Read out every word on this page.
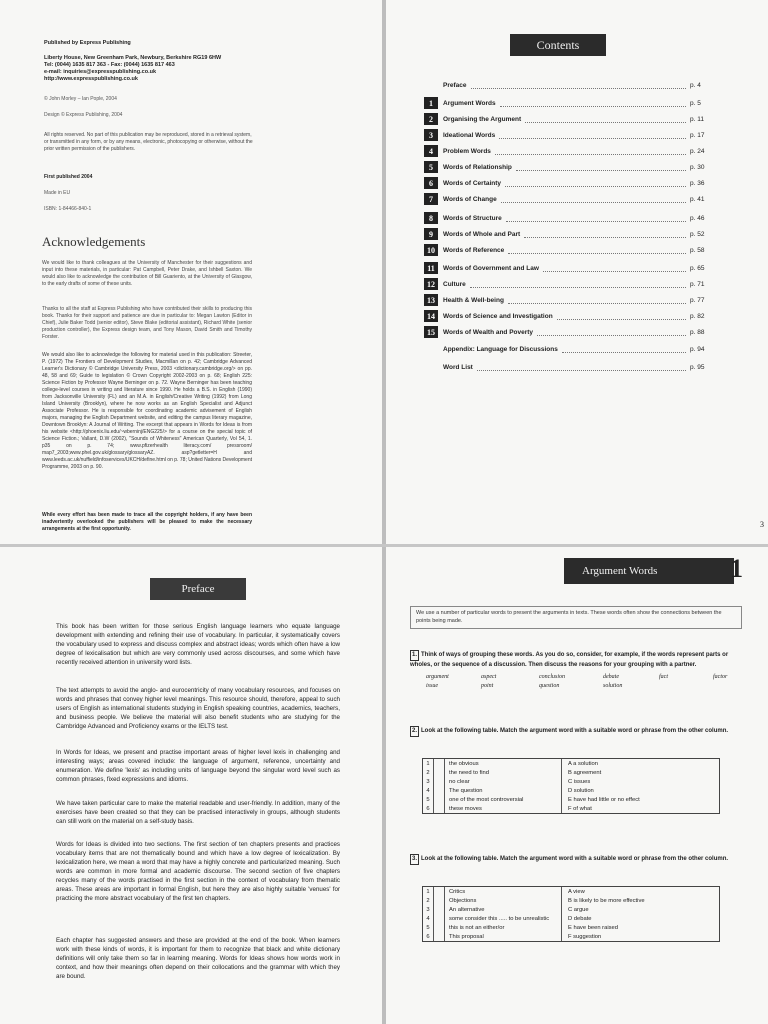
Published by Express Publishing
Liberty House, New Greenham Park, Newbury, Berkshire RG19 6HW
Tel: (0044) 1635 817 363 - Fax: (0044) 1635 817 463
e-mail: inquiries@expresspublishing.co.uk
http://www.expresspublishing.co.uk
© John Morley – Ian Pople, 2004
Design © Express Publishing, 2004
All rights reserved. No part of this publication may be reproduced, stored in a retrieval system, or transmitted in any form, or by any means, electronic, photocopying or otherwise, without the prior written permission of the publishers.
First published 2004
Made in EU
ISBN: 1-84466-840-1
Acknowledgements
We would like to thank colleagues at the University of Manchester for their suggestions and input into these materials, in particular: Pat Campbell, Peter Drake, and Ishbell Saxton. We would also like to acknowledge the contribution of Bill Guariento, at the University of Glasgow, to the early drafts of some of these units.
Thanks to all the staff at Express Publishing who have contributed their skills to producing this book. Thanks for their support and patience are due in particular to: Megan Lawton (Editor in Chief), Julie Baker Todd (senior editor), Steve Blake (editorial assistant), Richard White (senior production controller), the Express design team, and Tony Mason, David Smith and Timothy Forster.
We would also like to acknowledge the following for material used in this publication: Streeter, P. (1972) The Frontiers of Development Studies, Macmillan on p. 42; Cambridge Advanced Learner's Dictionary © Cambridge University Press, 2003 <dictionary.cambridge.org/> on pp. 48, 58 and 69; Guide to legislation © Crown Copyright 2002-2003 on p. 68; English 225: Science Fiction by Professor Wayne Berninger on p. 72. Wayne Berninger has been teaching college-level courses in writing and literature since 1990. He holds a B.S. in English (1990) from Jacksonville University (FL) and an M.A. in English/Creative Writing (1992) from Long Island University (Brooklyn), where he now works as an English Specialist and Adjunct Associate Professor. He is responsible for coordinating academic advisement of English majors, managing the English Department website, and editing the campus literary magazine, Downtown Brooklyn: A Journal of Writing. The excerpt that appears in Words for Ideas is from his website <http://phoenix.liu.edu/~wberninj/ENG225/> for a course on the special topic of Science Fiction.; Vallant, D.W (2002), "Sounds of Whiteness" American Quarterly, Vol 54, 1. p35 on p. 74; www.pfizerhealth literacy.com/ pressroom/ map7_2003;www.phel.gov.uk/glossary/glossaryAZ. asp?getletter=H and www.leeds.ac.uk/nuffield/infoservices/UKCH/define.html on p. 78; United Nations Development Programme, 2003 on p. 90.
While every effort has been made to trace all the copyright holders, if any have been inadvertently overlooked the publishers will be pleased to make the necessary arrangements at the first opportunity.
Contents
Preface	p. 4
1	Argument Words	p. 5
2	Organising the Argument	p. 11
3	Ideational Words	p. 17
4	Problem Words	p. 24
5	Words of Relationship	p. 30
6	Words of Certainty	p. 36
7	Words of Change	p. 41
8	Words of Structure	p. 46
9	Words of Whole and Part	p. 52
10	Words of Reference	p. 58
11	Words of Government and Law	p. 65
12	Culture	p. 71
13	Health & Well-being	p. 77
14	Words of Science and Investigation	p. 82
15	Words of Wealth and Poverty	p. 88
Appendix: Language for Discussions	p. 94
Word List	p. 95
3
Preface
This book has been written for those serious English language learners who equate language development with extending and refining their use of vocabulary. In particular, it systematically covers the vocabulary used to express and discuss complex and abstract ideas; words which often have a low degree of lexicalisation but which are very commonly used across discourses, and some which have recently received attention in university word lists.
The text attempts to avoid the anglo- and eurocentricity of many vocabulary resources, and focuses on words and phrases that convey higher level meanings. This resource should, therefore, appeal to such users of English as international students studying in English speaking countries, academics, teachers, and business people. We believe the material will also benefit students who are studying for the Cambridge Advanced and Proficiency exams or the IELTS test.
In Words for Ideas, we present and practise important areas of higher level lexis in challenging and interesting ways; areas covered include: the language of argument, reference, uncertainty and enumeration. We define 'lexis' as including units of language beyond the singular word level such as common phrases, fixed expressions and idioms.
We have taken particular care to make the material readable and user-friendly. In addition, many of the exercises have been created so that they can be practised interactively in groups, although students can still work on the material on a self-study basis.
Words for Ideas is divided into two sections. The first section of ten chapters presents and practices vocabulary items that are not thematically bound and which have a low degree of lexicalization. By lexicalization here, we mean a word that may have a highly concrete and particularized meaning. Such words are common in more formal and academic discourse. The second section of five chapters recycles many of the words practised in the first section in the context of vocabulary from thematic areas. These areas are important in formal English, but here they are also highly suitable 'venues' for practicing the more abstract vocabulary of the first ten chapters.
Each chapter has suggested answers and these are provided at the end of the book. When learners work with these kinds of words, it is important for them to recognize that black and white dictionary definitions will only take them so far in learning meaning. Words for Ideas shows how words work in context, and how their meanings often depend on their collocations and the grammar with which they are bound.
Argument Words	1
We use a number of particular words to present the arguments in texts. These words often show the connections between the points being made.
1. Think of ways of grouping these words. As you do so, consider, for example, if the words represent parts or wholes, or the sequence of a discussion. Then discuss the reasons for your grouping with a partner.
argument	aspect	conclusion	debate	fact	factor
issue	point	question	solution
2. Look at the following table. Match the argument word with a suitable word or phrase from the other column.
1	the obvious	A a solution
2	the need to find	B agreement
3	no clear	C issues
4	The question	D solution
5	one of the most controversial	E have had little or no effect
6	these moves	F of what
3. Look at the following table. Match the argument word with a suitable word or phrase from the other column.
1	Critics	A view
2	Objections	B is likely to be more effective
3	An alternative	C argue
4	some consider this ..... to be unrealistic	D debate
5	this is not an either/or	E have been raised
6	This proposal	F suggestion
